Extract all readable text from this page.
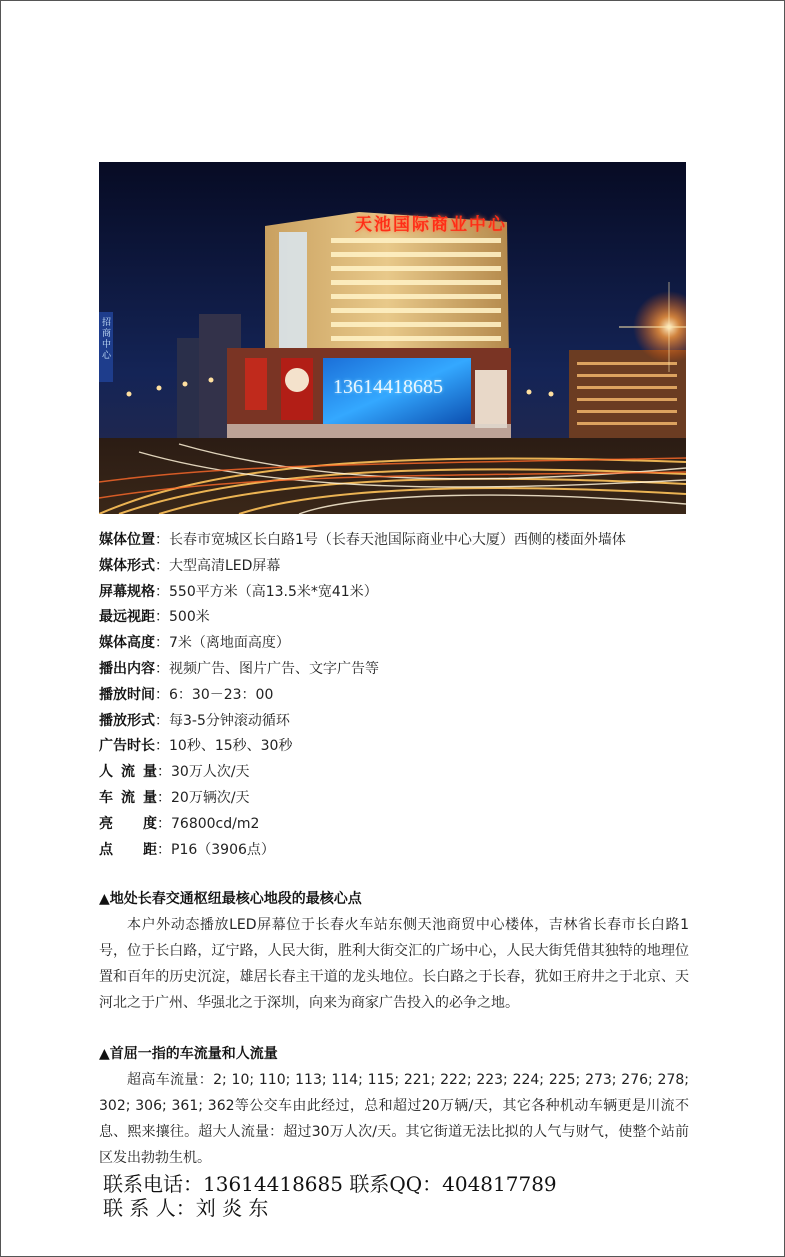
招商中心
天池国际商业中心
13614418685
媒体位置：长春市宽城区长白路1号（长春天池国际商业中心大厦）西侧的楼面外墙体
媒体形式：大型高清LED屏幕
屏幕规格：550平方米（高13.5米*宽41米）
最远视距：500米
媒体高度：7米（离地面高度）
播出内容：视频广告、图片广告、文字广告等
播放时间：6：30－23：00
播放形式：每3-5分钟滚动循环
广告时长：10秒、15秒、30秒
人流量：30万人次/天
车流量：20万辆次/天
亮度：76800cd/m2
点距：P16（3906点）
▲地处长春交通枢纽最核心地段的最核心点
本户外动态播放LED屏幕位于长春火车站东侧天池商贸中心楼体，吉林省长春市长白路1号，位于长白路，辽宁路，人民大街，胜利大街交汇的广场中心，人民大街凭借其独特的地理位置和百年的历史沉淀，雄居长春主干道的龙头地位。长白路之于长春，犹如王府井之于北京、天河北之于广州、华强北之于深圳，向来为商家广告投入的必争之地。
▲首屈一指的车流量和人流量
超高车流量：2; 10; 110; 113; 114; 115; 221; 222; 223; 224; 225; 273; 276; 278; 302; 306; 361; 362等公交车由此经过，总和超过20万辆/天，其它各种机动车辆更是川流不息、熙来攘往。超大人流量：超过30万人次/天。其它街道无法比拟的人气与财气，使整个站前区发出勃勃生机。
联系电话：13614418685 联系QQ：404817789
联 系 人：刘 炎 东
